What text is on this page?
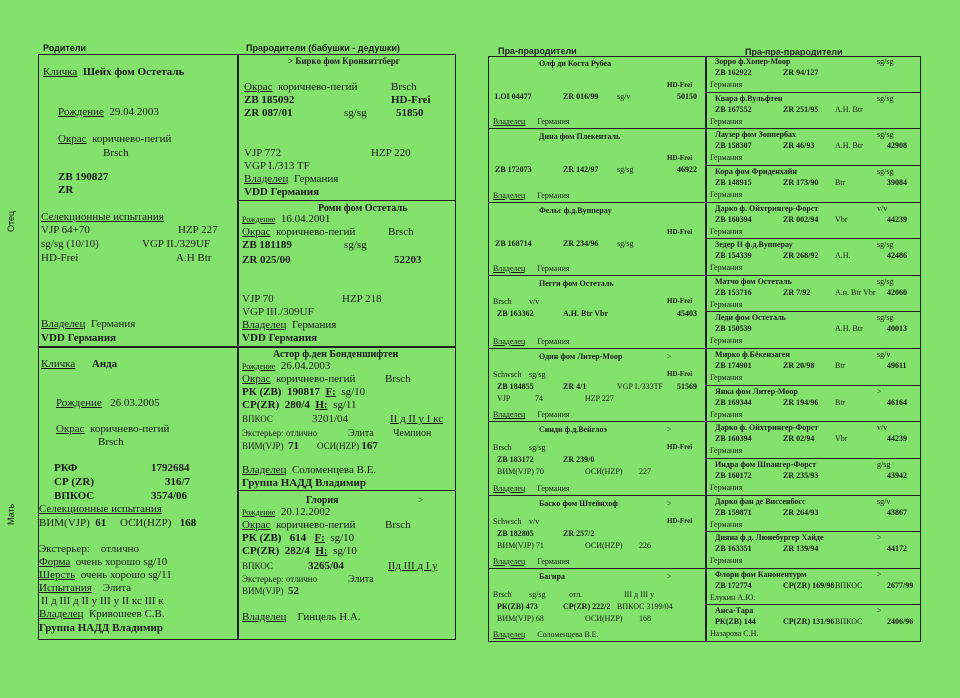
Родители	Прародители (бабушки - дедушки)	Пра-прародители	Пра-пра-прародители
Отец
Мать
Кличка Шейх фом Остеталь
Рождение 29.04.2003
Окрас коричнево-пегий
Brsch
ZB 190827
ZR
Селекционные испытания
VJP 64+70	HZP 227
sg/sg (10/10)	VGP II./329UF
HD-Frei	A.H Btr
Владелец Германия
VDD Германия
Кличка Анда
Рождение 26.03.2005
Окрас коричнево-пегий
Brsch
РКФ	1792684
СР (ZR)	316/7
ВПКОС	3574/06
Селекционные испытания
ВИМ(VJP) 61 ОСИ(HZP) 168
Экстерьер: отлично
Форма очень хорошо sg/10
Шерсть очень хорошо sg/11
Испытания Элита
II д III д II у III у II кс III к
Владелец Кривошеев С.В.
Группа НАДД Владимир
> Бирко фом Кронвиттберг
Окрас коричнево-пегий	Brsch
ZB 185092	HD-Frei
ZR 087/01	sg/sg	51850
VJP 772	HZP 220
VGP I./313 TF
Владелец Германия
VDD Германия
Роми фом Остеталь
Рождение 16.04.2001
Окрас коричнево-пегий	Brsch
ZB 181189	sg/sg
ZR 025/00	52203
VJP 70	HZP 218
VGP III./309UF
Владелец Германия
VDD Германия
Астор ф.ден Бонденшифтен
Рождение 26.04.2003
Окрас коричнево-пегий	Brsch
РК (ZB) 190817 F: sg/10
СР(ZR) 280/4 H: sg/11
ВПКОС	3201/04	II д II у I кс
Экстерьер: отлично	Элита Чемпион
ВИМ(VJP) 71 ОСИ(HZP) 167
Владелец Соломенцева В.Е.
Группа НАДД Владимир
Глория	>
Рождение 20.12.2002
Окрас коричнево-пегий	Brsch
РК (ZB) 614 F: sg/10
СР(ZR) 282/4 H: sg/10
ВПКОС	3265/04	IIд III д I у
Экстерьер: отлично	Элита
ВИМ(VJP) 52
Владелец Гинцель Н.А.
Олф ди Коста Рубеа
HD-Frei
LOI 04477	ZR 016/99 sg/v	50150
Владелец Германия
Дина фом Плекенталь
HD-Frei
ZB 172073	ZR 142/97 sg/sg	46922
Владелец Германия
Фельс ф.д.Вуппераy
HD-Frei
ZB 168714	ZR 234/96 sg/sg
Владелец Германия
Пегги фом Остеталь
Brsch v/v	HD-Frei
ZB 163362	A.H. Btr Vbr	45403
Владелец Германия
Один фом Литер-Моор	>
Schwsch sg/sg	HD-Frei
ZB 184855	ZR 4/1	VGP I./333TF 51569
VJP	74	HZP 227
Владелец Германия
Синди ф.д.Вейглоэ	>
Brsch sg/sg	HD-Frei
ZB 183172	ZR 239/0
ВИМ(VJP) 70	ОСИ(HZP) 227
Владелец Германия
Баско фом Штейнхоф	>
Schwsch v/v	HD-Frei
ZB 182805	ZR 257/2
ВИМ(VJP) 71	ОСИ(HZP) 226
Владелец Германия
Багира	>
Brsch sg/sg	отл.	III д III у
РК(ZB) 473	СР(ZR) 222/2 ВПКОС 3199/04
ВИМ(VJP) 68	ОСИ(HZP) 168
Владелец Соломенцева В.Е.
Зорро ф.Хопер-Моор	sg/sg
ZB 162922	ZR 94/127
Германия
Квара ф.Вульфтен	sg/sg
ZB 167552	ZR 251/95 A.H. Btr
Германия
Лаузер фом Зоппербах	sg/sg
ZB 158307	ZR 46/93	A.H. Btr	42908
Германия
Кора фом Фриденхайн	sg/sg
ZB 148915	ZR 173/90 Btr	39084
Германия
Дарко ф. Ойхтрингер-Форст	v/v
ZB 160394	ZR 002/94 Vbr	44239
Германия
Зедер II ф.д.Вупперау	sg/sg
ZB 154339	ZR 268/92 A.H.	42486
Германия
Матчо фом Остеталь	sg/sg
ZB 153716	ZR 7/92	A.н. Btr Vbr 42060
Германия
Леди фом Остеталь	sg/sg
ZB 150539	A.H. Btr	40013
Германия
Мирко ф.Бёкензаген	sg/v
ZB 174901	ZR 20/98	Btr	49611
Германия
Янка фом Литер-Моор	>
ZB 169344	ZR 194/96 Btr	46164
Германия
Дарко ф. Ойхтрингер-Форст	v/v
ZB 160394	ZR 02/94	Vbr	44239
Германия
Индра фом Шпангер-Форст	g/sg
ZB 160172	ZR 235/93	43942
Германия
Дарко фан де Виссенбосс	sg/v
ZB 159871	ZR 264/93	43867
Германия
Дияна ф.д. Люнебургер Хайде	>
ZB 163351	ZR 139/94	44172
Германия
Флори фом Канонентурм	>
ZB 172774	CP(ZR) 169/98 ВПКОС	2677/99
Елукин А.Ю.
Анса-Тара	>
РК(ZB) 144	CP(ZR) 131/96 ВПКОС	2406/96
Назарова С.Н.
